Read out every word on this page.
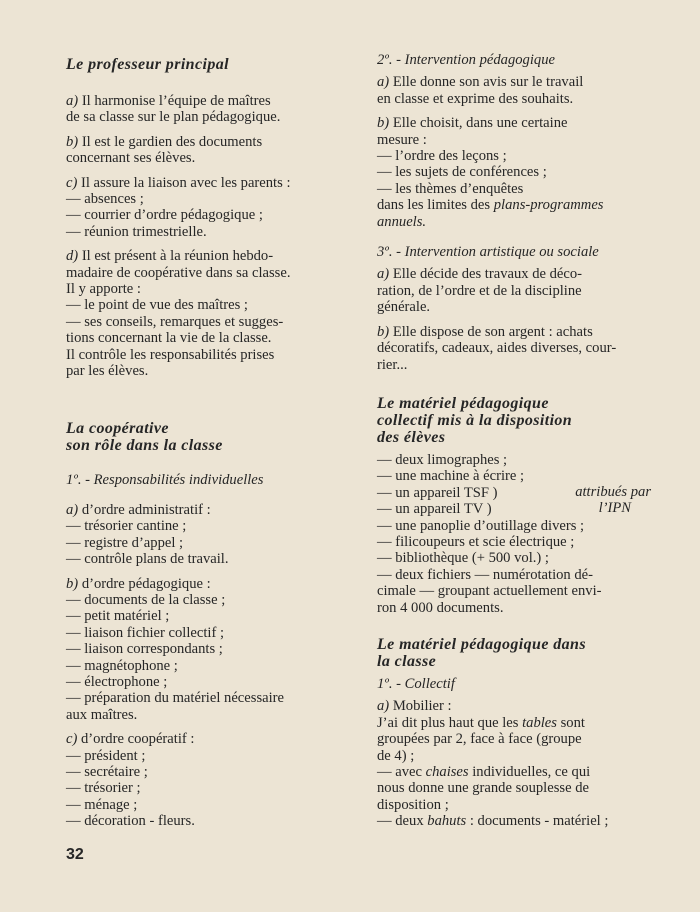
Le professeur principal

a) Il harmonise l’équipe de maîtres
de sa classe sur le plan pédagogique.

b) Il est le gardien des documents
concernant ses élèves.

c) Il assure la liaison avec les parents :
— absences ;
— courrier d’ordre pédagogique ;
— réunion trimestrielle.

d) Il est présent à la réunion hebdo-
madaire de coopérative dans sa classe.
Il y apporte :
— le point de vue des maîtres ;
— ses conseils, remarques et sugges-
tions concernant la vie de la classe.
Il contrôle les responsabilités prises
par les élèves.

La coopérative
son rôle dans la classe

1º. - Responsabilités individuelles

a) d’ordre administratif :
— trésorier cantine ;
— registre d’appel ;
— contrôle plans de travail.

b) d’ordre pédagogique :
— documents de la classe ;
— petit matériel ;
— liaison fichier collectif ;
— liaison correspondants ;
— magnétophone ;
— électrophone ;
— préparation du matériel nécessaire
aux maîtres.

c) d’ordre coopératif :
— président ;
— secrétaire ;
— trésorier ;
— ménage ;
— décoration - fleurs.

2º. - Intervention pédagogique

a) Elle donne son avis sur le travail
en classe et exprime des souhaits.

b) Elle choisit, dans une certaine
mesure :
— l’ordre des leçons ;
— les sujets de conférences ;
— les thèmes d’enquêtes
dans les limites des plans-programmes
annuels.

3º. - Intervention artistique ou sociale

a) Elle décide des travaux de déco-
ration, de l’ordre et de la discipline
générale.

b) Elle dispose de son argent : achats
décoratifs, cadeaux, aides diverses, cour-
rier...

Le matériel pédagogique
collectif mis à la disposition
des élèves

— deux limographes ;

— une machine à écrire ;

— un appareil TSF )

— un appareil TV )

— une panoplie d’outillage divers ;

— filicoupeurs et scie électrique ;

— bibliothèque (+ 500 vol.) ;

— deux fichiers — numérotation dé-

cimale — groupant actuellement envi-

ron 4 000 documents.

attribués par
l’IPN

Le matériel pédagogique dans
la classe

1º. - Collectif

a) Mobilier :

J’ai dit plus haut que les tables sont

groupées par 2, face à face (groupe

de 4) ;

— avec chaises individuelles, ce qui

nous donne une grande souplesse de

disposition ;

— deux bahuts : documents - matériel ;

32
